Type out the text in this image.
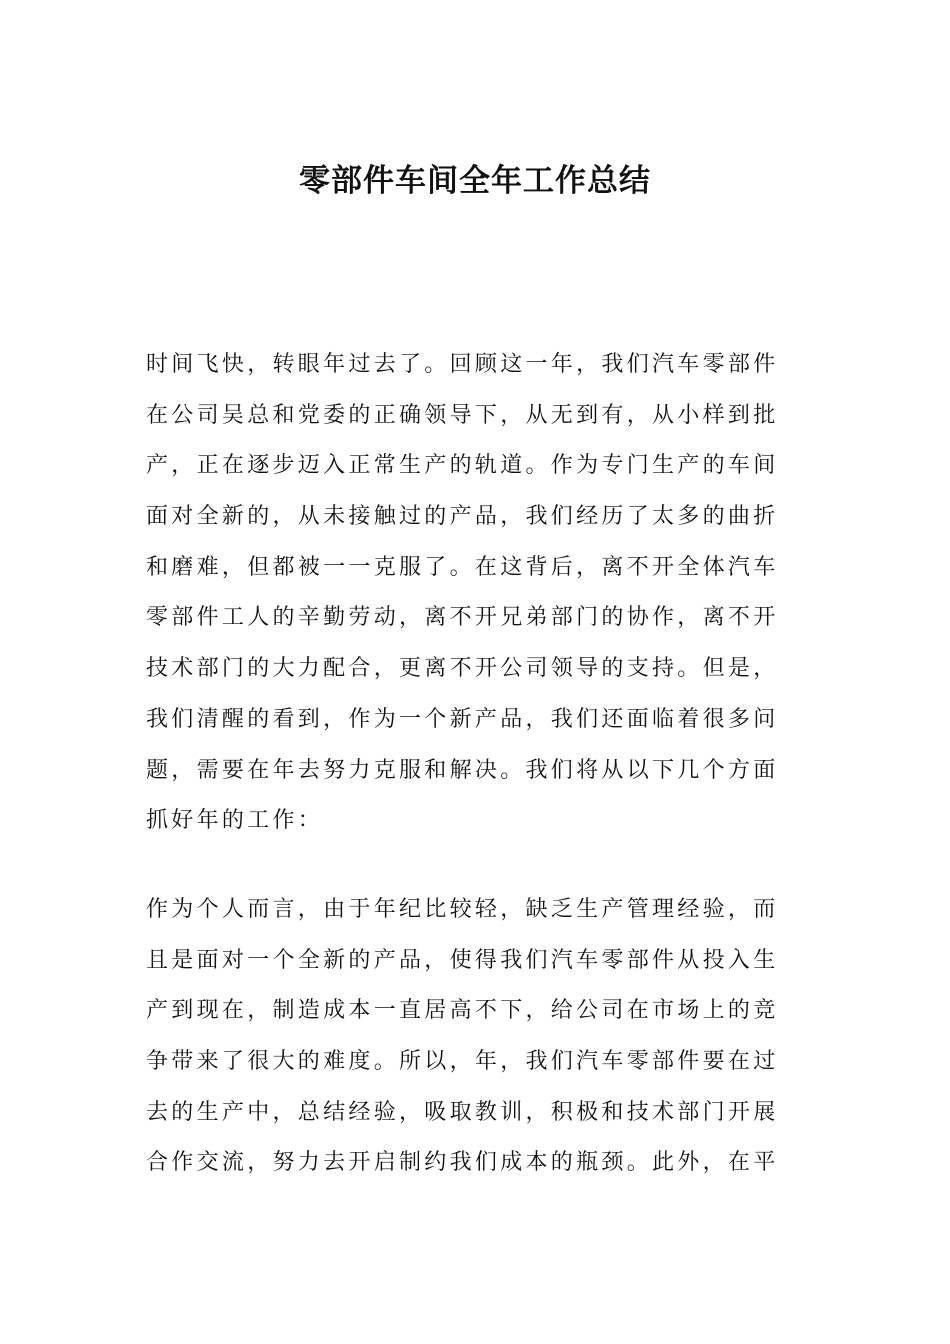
零部件车间全年工作总结
时间飞快，转眼年过去了。回顾这一年，我们汽车零部件
在公司吴总和党委的正确领导下，从无到有，从小样到批
产，正在逐步迈入正常生产的轨道。作为专门生产的车间
面对全新的，从未接触过的产品，我们经历了太多的曲折
和磨难，但都被一一克服了。在这背后，离不开全体汽车
零部件工人的辛勤劳动，离不开兄弟部门的协作，离不开
技术部门的大力配合，更离不开公司领导的支持。但是，
我们清醒的看到，作为一个新产品，我们还面临着很多问
题，需要在年去努力克服和解决。我们将从以下几个方面
抓好年的工作：
作为个人而言，由于年纪比较轻，缺乏生产管理经验，而
且是面对一个全新的产品，使得我们汽车零部件从投入生
产到现在，制造成本一直居高不下，给公司在市场上的竞
争带来了很大的难度。所以，年，我们汽车零部件要在过
去的生产中，总结经验，吸取教训，积极和技术部门开展
合作交流，努力去开启制约我们成本的瓶颈。此外，在平
